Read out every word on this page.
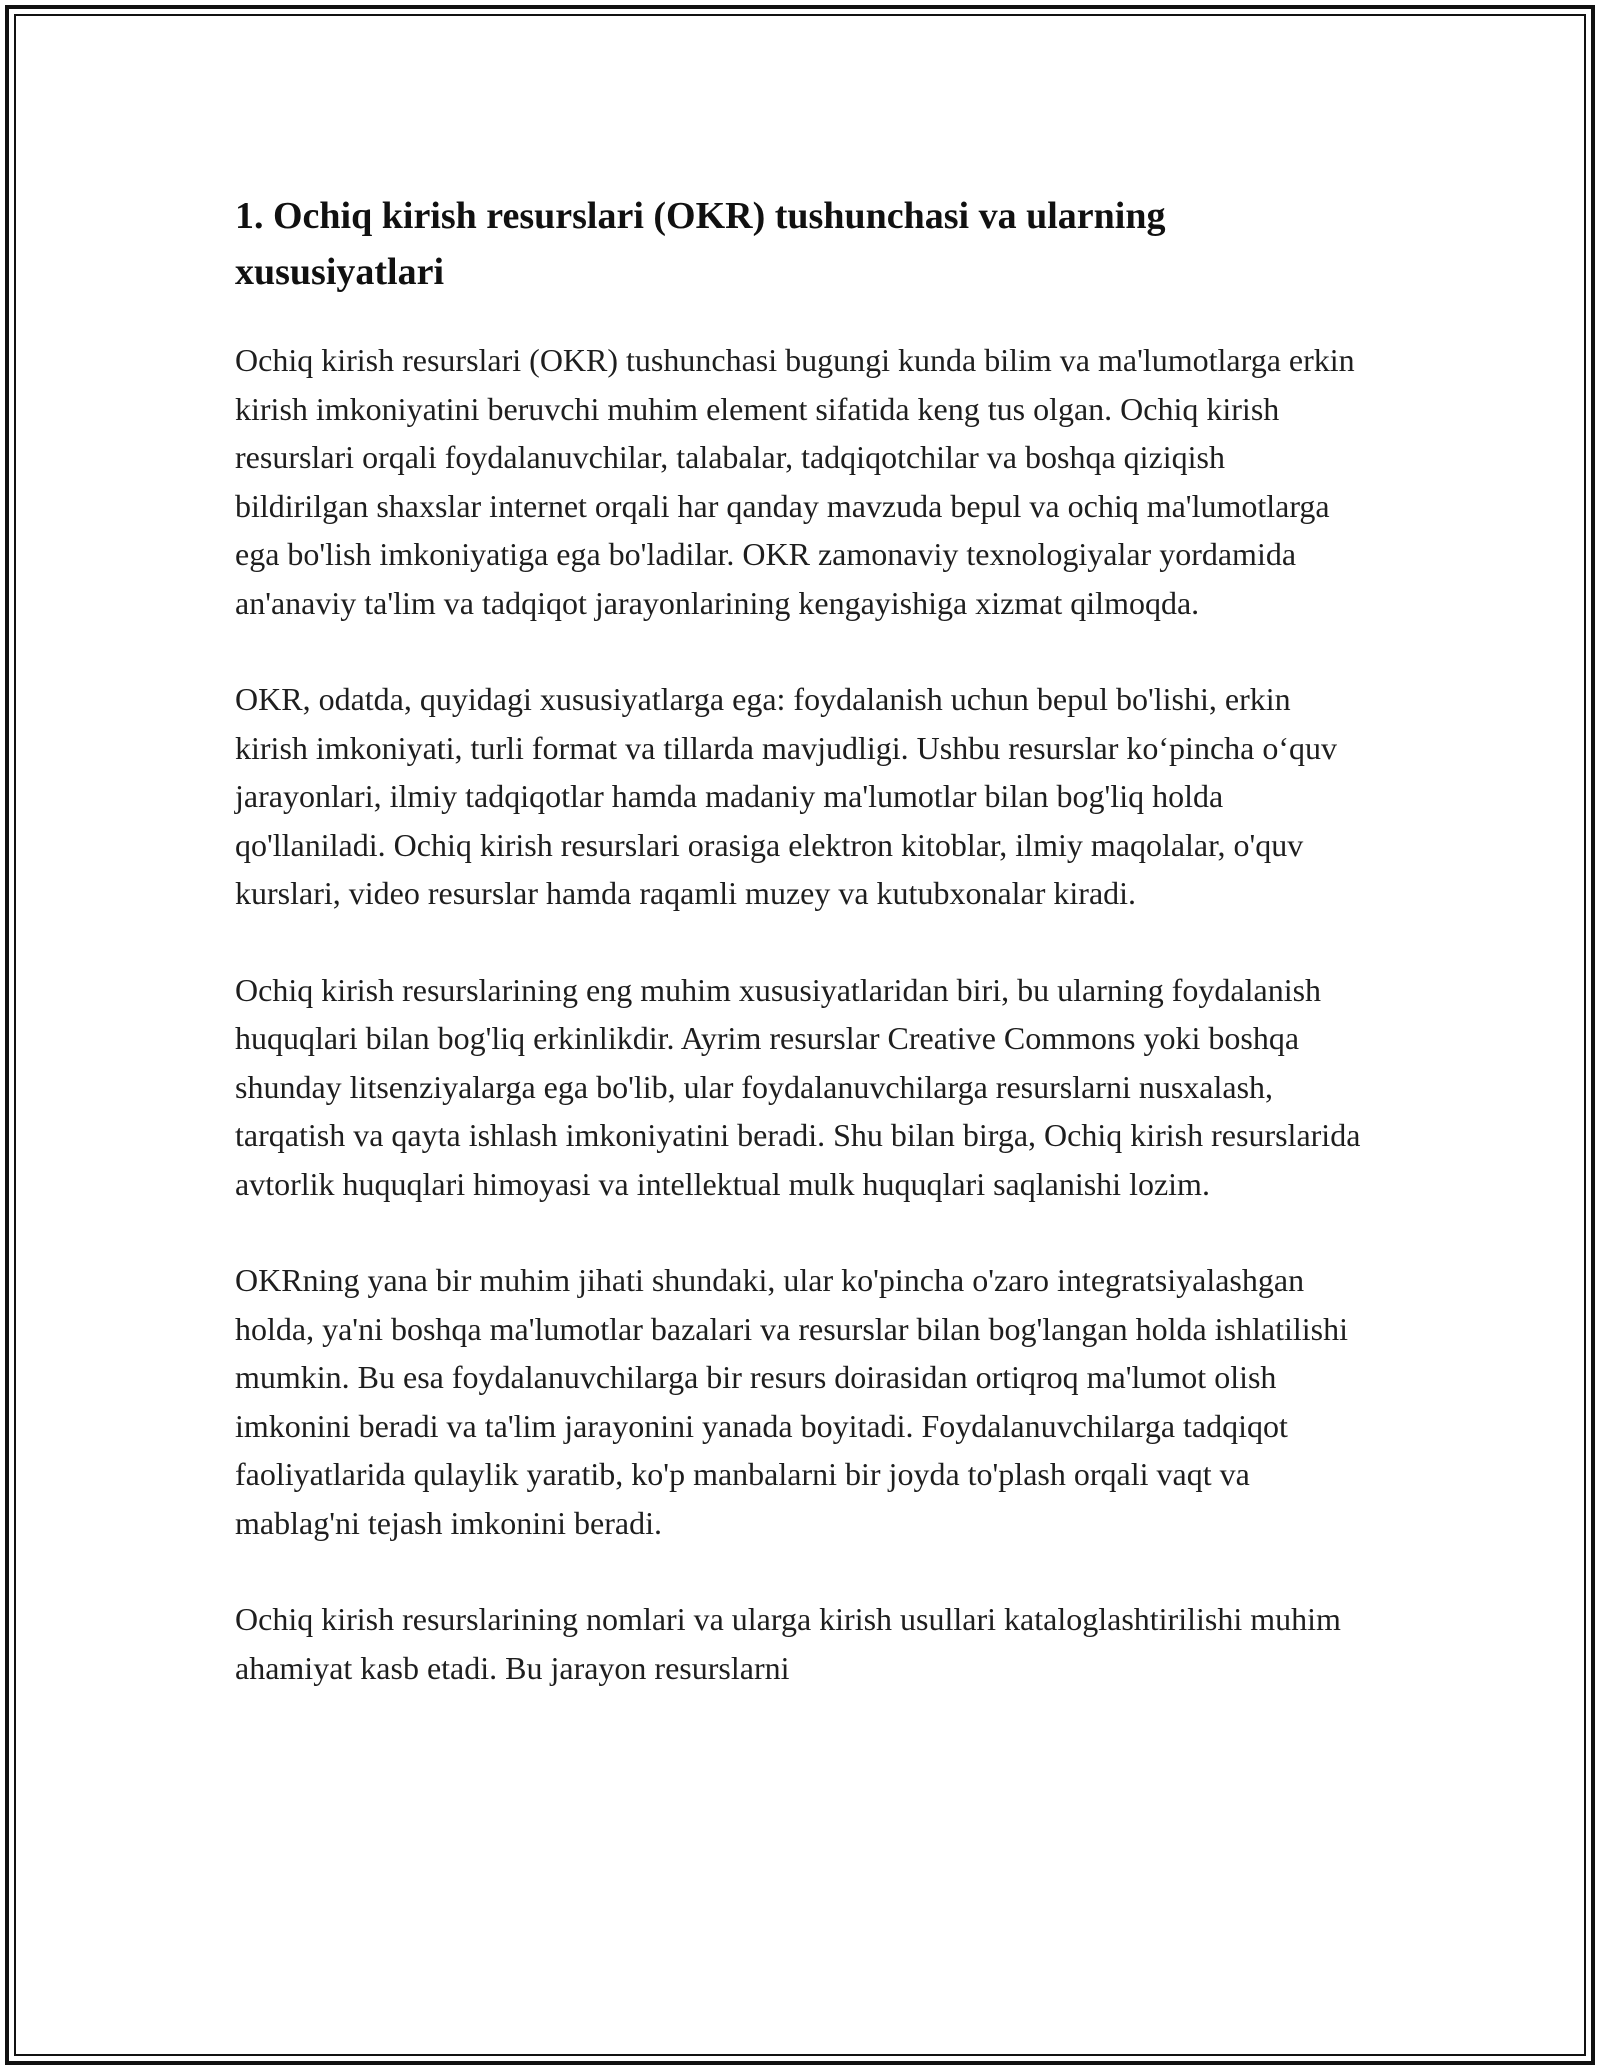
1. Ochiq kirish resurslari (OKR) tushunchasi va ularning xususiyatlari

Ochiq kirish resurslari (OKR) tushunchasi bugungi kunda bilim va ma'lumotlarga erkin kirish imkoniyatini beruvchi muhim element sifatida keng tus olgan. Ochiq kirish resurslari orqali foydalanuvchilar, talabalar, tadqiqotchilar va boshqa qiziqish bildirilgan shaxslar internet orqali har qanday mavzuda bepul va ochiq ma'lumotlarga ega bo'lish imkoniyatiga ega bo'ladilar. OKR zamonaviy texnologiyalar yordamida an'anaviy ta'lim va tadqiqot jarayonlarining kengayishiga xizmat qilmoqda.

OKR, odatda, quyidagi xususiyatlarga ega: foydalanish uchun bepul bo'lishi, erkin kirish imkoniyati, turli format va tillarda mavjudligi. Ushbu resurslar ko‘pincha o‘quv jarayonlari, ilmiy tadqiqotlar hamda madaniy ma'lumotlar bilan bog'liq holda qo'llaniladi. Ochiq kirish resurslari orasiga elektron kitoblar, ilmiy maqolalar, o'quv kurslari, video resurslar hamda raqamli muzey va kutubxonalar kiradi.

Ochiq kirish resurslarining eng muhim xususiyatlaridan biri, bu ularning foydalanish huquqlari bilan bog'liq erkinlikdir. Ayrim resurslar Creative Commons yoki boshqa shunday litsenziyalarga ega bo'lib, ular foydalanuvchilarga resurslarni nusxalash, tarqatish va qayta ishlash imkoniyatini beradi. Shu bilan birga, Ochiq kirish resurslarida avtorlik huquqlari himoyasi va intellektual mulk huquqlari saqlanishi lozim.

OKRning yana bir muhim jihati shundaki, ular ko'pincha o'zaro integratsiyalashgan holda, ya'ni boshqa ma'lumotlar bazalari va resurslar bilan bog'langan holda ishlatilishi mumkin. Bu esa foydalanuvchilarga bir resurs doirasidan ortiqroq ma'lumot olish imkonini beradi va ta'lim jarayonini yanada boyitadi. Foydalanuvchilarga tadqiqot faoliyatlarida qulaylik yaratib, ko'p manbalarni bir joyda to'plash orqali vaqt va mablag'ni tejash imkonini beradi.

Ochiq kirish resurslarining nomlari va ularga kirish usullari kataloglashtirilishi muhim ahamiyat kasb etadi. Bu jarayon resurslarni
